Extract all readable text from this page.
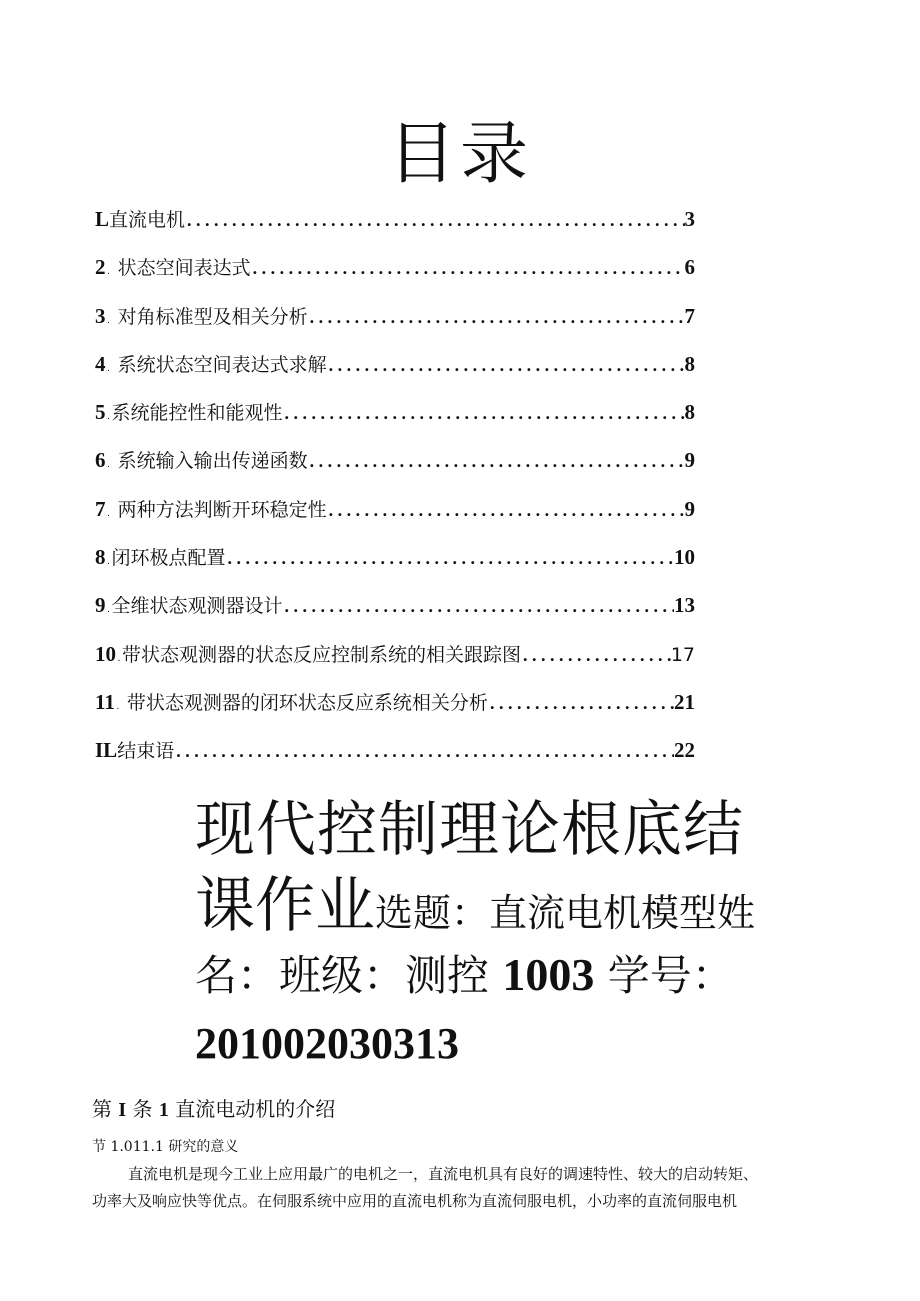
目录
L 直流电机 . . .	3
2 . 状态空间表达式 . . .	6
3 . 对角标准型及相关分析 . . .	7
4 . 系统状态空间表达式求解 . . .	8
5 .系统能控性和能观性 . . .	8
6 . 系统输入输出传递函数 . . .	9
7 . 两种方法判断开环稳定性 . . .	9
8 .闭环极点配置 . . .	10
9 .全维状态观测器设计 . . .	13
10 .带状态观测器的状态反应控制系统的相关跟踪图 . . .	17
11 . 带状态观测器的闭环状态反应系统相关分析 . . .	21
IL 结束语 . . .	22
现代控制理论根底结
课作业选题：直流电机模型姓
名：班级：测控 1003 学号：
201002030313
第 I 条 1 直流电动机的介绍
节 1.011.1 研究的意义
直流电机是现今工业上应用最广的电机之一，直流电机具有良好的调速特性、较大的启动转矩、
功率大及响应快等优点。在伺服系统中应用的直流电机称为直流伺服电机，小功率的直流伺服电机
